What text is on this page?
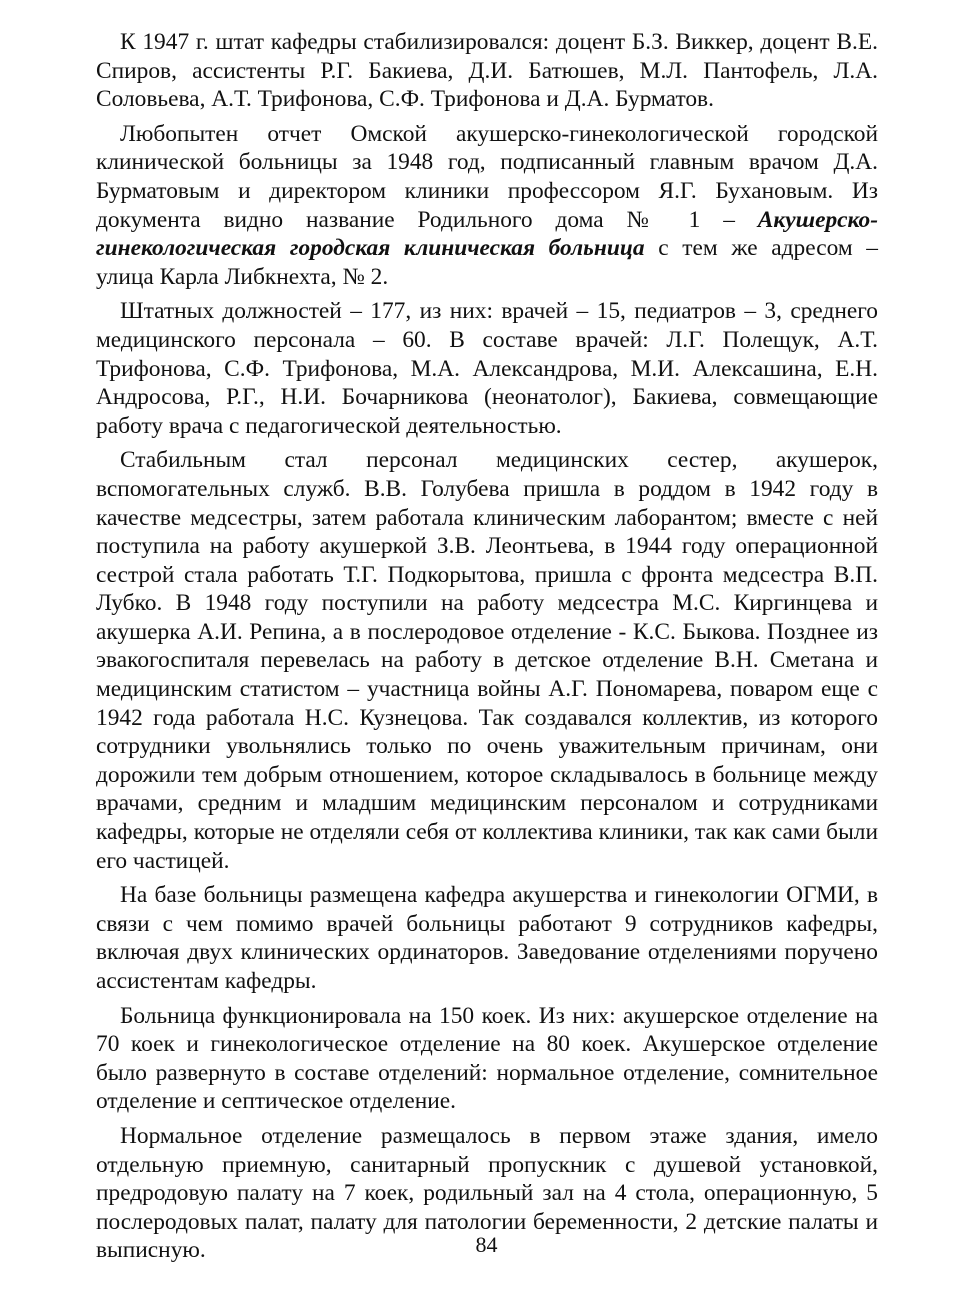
К 1947 г. штат кафедры стабилизировался: доцент Б.З. Виккер, доцент В.Е. Спиров, ассистенты Р.Г. Бакиева, Д.И. Батюшев, М.Л. Пантофель, Л.А. Соловьева, А.Т. Трифонова, С.Ф. Трифонова и Д.А. Бурматов.

Любопытен отчет Омской акушерско-гинекологической городской клинической больницы за 1948 год, подписанный главным врачом Д.А. Бурматовым и директором клиники профессором Я.Г. Бухановым. Из документа видно название Родильного дома № 1 – Акушерско-гинекологическая городская клиническая больница с тем же адресом – улица Карла Либкнехта, № 2.

Штатных должностей – 177, из них: врачей – 15, педиатров – 3, среднего медицинского персонала – 60. В составе врачей: Л.Г. Полещук, А.Т. Трифонова, С.Ф. Трифонова, М.А. Александрова, М.И. Алексашина, Е.Н. Андросова, Р.Г., Н.И. Бочарникова (неонатолог), Бакиева, совмещающие работу врача с педагогической деятельностью.

Стабильным стал персонал медицинских сестер, акушерок, вспомогательных служб. В.В. Голубева пришла в роддом в 1942 году в качестве медсестры, затем работала клиническим лаборантом; вместе с ней поступила на работу акушеркой З.В. Леонтьева, в 1944 году операционной сестрой стала работать Т.Г. Подкорытова, пришла с фронта медсестра В.П. Лубко. В 1948 году поступили на работу медсестра М.С. Киргинцева и акушерка А.И. Репина, а в послеродовое отделение - К.С. Быкова. Позднее из эвакогоспиталя перевелась на работу в детское отделение В.Н. Сметана и медицинским статистом – участница войны А.Г. Пономарева, поваром еще с 1942 года работала Н.С. Кузнецова. Так создавался коллектив, из которого сотрудники увольнялись только по очень уважительным причинам, они дорожили тем добрым отношением, которое складывалось в больнице между врачами, средним и младшим медицинским персоналом и сотрудниками кафедры, которые не отделяли себя от коллектива клиники, так как сами были его частицей.

На базе больницы размещена кафедра акушерства и гинекологии ОГМИ, в связи с чем помимо врачей больницы работают 9 сотрудников кафедры, включая двух клинических ординаторов. Заведование отделениями поручено ассистентам кафедры.

Больница функционировала на 150 коек. Из них: акушерское отделение на 70 коек и гинекологическое отделение на 80 коек. Акушерское отделение было развернуто в составе отделений: нормальное отделение, сомнительное отделение и септическое отделение.

Нормальное отделение размещалось в первом этаже здания, имело отдельную приемную, санитарный пропускник с душевой установкой, предродовую палату на 7 коек, родильный зал на 4 стола, операционную, 5 послеродовых палат, палату для патологии беременности, 2 детские палаты и выписную.	84
